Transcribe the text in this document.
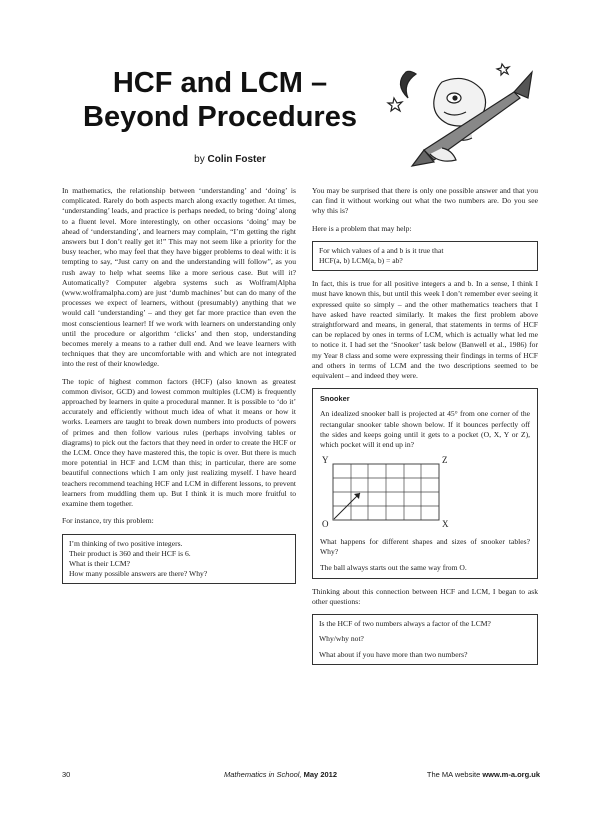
HCF and LCM –
Beyond Procedures
by Colin Foster

In mathematics, the relationship between ‘understanding’ and ‘doing’ is complicated. Rarely do both aspects march along exactly together. At times, ‘understanding’ leads, and practice is perhaps needed, to bring ‘doing’ along to a fluent level. More interestingly, on other occasions ‘doing’ may be ahead of ‘understanding’, and learners may complain, “I’m getting the right answers but I don’t really get it!” This may not seem like a priority for the busy teacher, who may feel that they have bigger problems to deal with: it is tempting to say, “Just carry on and the understanding will follow”, as you rush away to help what seems like a more serious case. But will it? Automatically? Computer algebra systems such as Wolfram|Alpha (www.wolframalpha.com) are just ‘dumb machines’ but can do many of the processes we expect of learners, without (presumably) anything that we would call ‘understanding’ – and they get far more practice than even the most conscientious learner! If we work with learners on understanding only until the procedure or algorithm ‘clicks’ and then stop, understanding becomes merely a means to a rather dull end. And we leave learners with techniques that they are uncomfortable with and which are not integrated into the rest of their knowledge.

The topic of highest common factors (HCF) (also known as greatest common divisor, GCD) and lowest common multiples (LCM) is frequently approached by learners in quite a procedural manner. It is possible to ‘do it’ accurately and efficiently without much idea of what it means or how it works. Learners are taught to break down numbers into products of powers of primes and then follow various rules (perhaps involving tables or diagrams) to pick out the factors that they need in order to create the HCF or the LCM. Once they have mastered this, the topic is over. But there is much more potential in HCF and LCM than this; in particular, there are some beautiful connections which I am only just realizing myself. I have heard teachers recommend teaching HCF and LCM in different lessons, to prevent learners from muddling them up. But I think it is much more fruitful to examine them together.

For instance, try this problem:

I’m thinking of two positive integers.
Their product is 360 and their HCF is 6.
What is their LCM?
How many possible answers are there? Why?

You may be surprised that there is only one possible answer and that you can find it without working out what the two numbers are. Do you see why this is?

Here is a problem that may help:

For which values of a and b is it true that
HCF(a, b) LCM(a, b) = ab?

In fact, this is true for all positive integers a and b. In a sense, I think I must have known this, but until this week I don’t remember ever seeing it expressed quite so simply – and the other mathematics teachers that I have asked have reacted similarly. It makes the first problem above straightforward and means, in general, that statements in terms of HCF can be replaced by ones in terms of LCM, which is actually what led me to notice it. I had set the ‘Snooker’ task below (Banwell et al., 1986) for my Year 8 class and some were expressing their findings in terms of HCF and others in terms of LCM and the two descriptions seemed to be equivalent – and indeed they were.

Snooker

An idealized snooker ball is projected at 45° from one corner of the rectangular snooker table shown below. If it bounces perfectly off the sides and keeps going until it gets to a pocket (O, X, Y or Z), which pocket will it end up in?

Y	Z
O	X

What happens for different shapes and sizes of snooker tables? Why?

The ball always starts out the same way from O.

Thinking about this connection between HCF and LCM, I began to ask other questions:

Is the HCF of two numbers always a factor of the LCM?
Why/why not?
What about if you have more than two numbers?
30	Mathematics in School, May 2012	The MA website www.m-a.org.uk
